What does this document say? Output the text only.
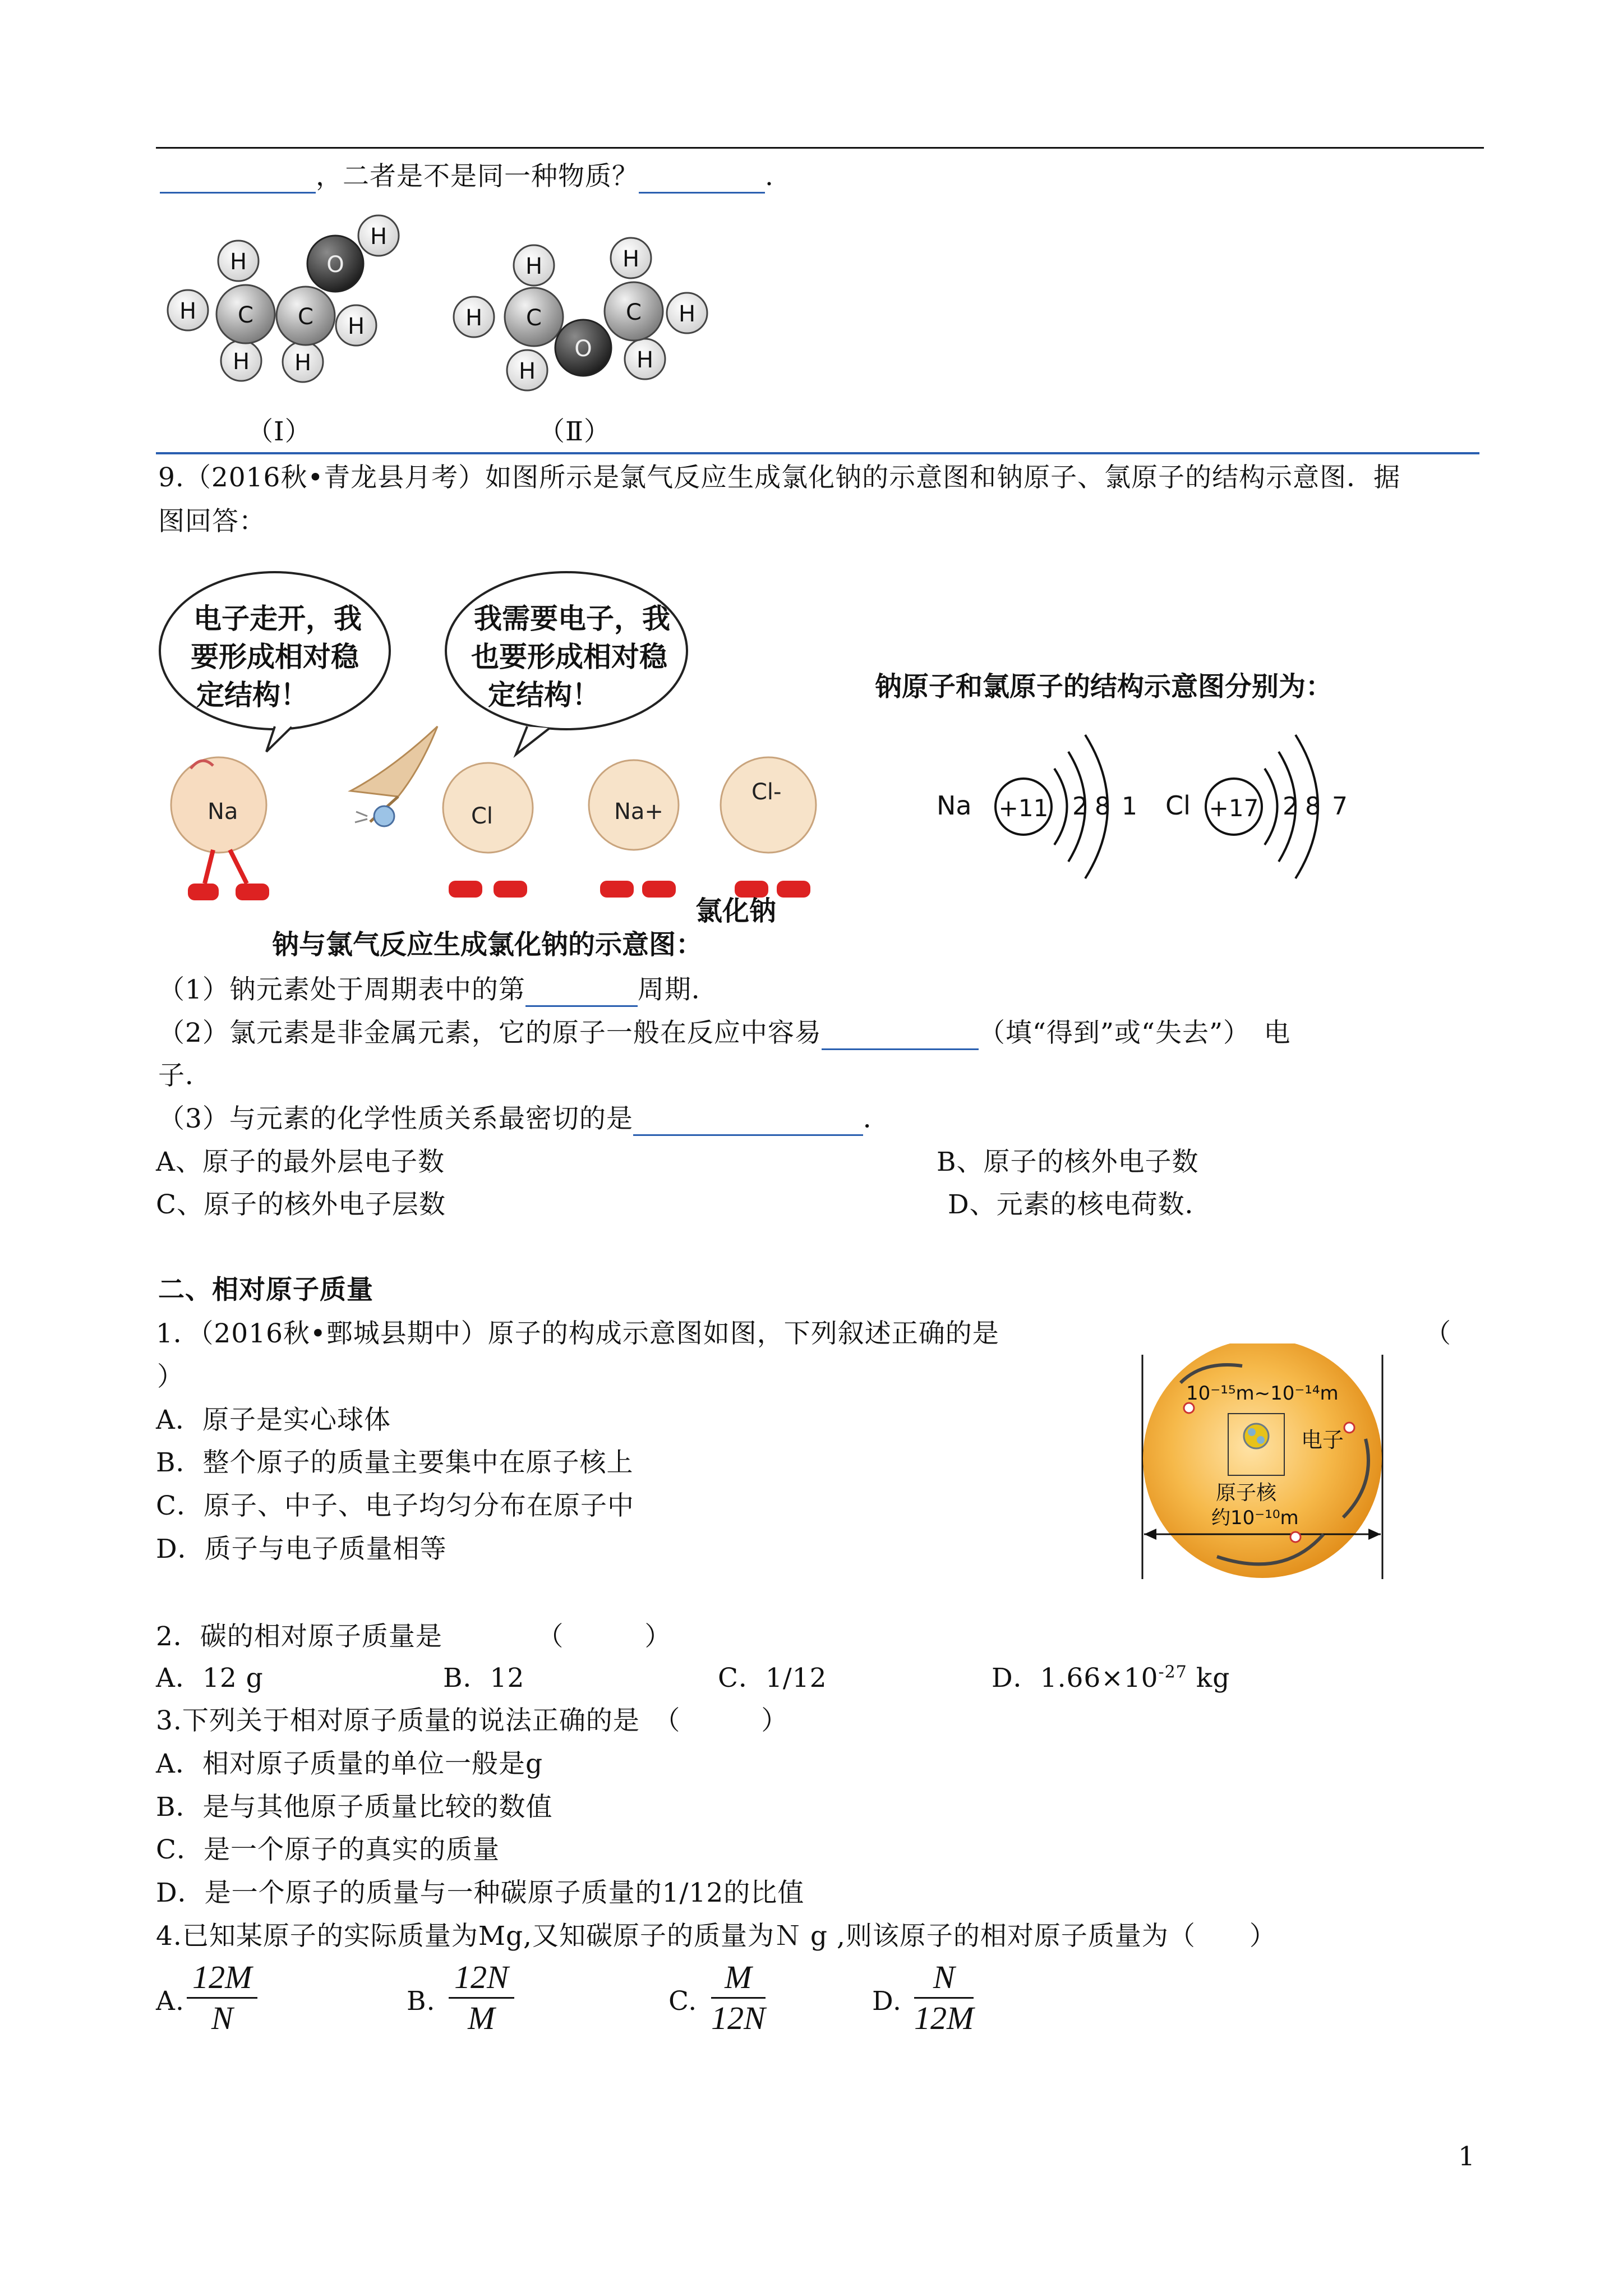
，二者是不是同一种物质？	.
H
H
H H
H
H
C C
O	H
H
H
H
H
H
C	C
O
（Ⅰ）	（Ⅱ）
9.（2016秋•青龙县月考）如图所示是氯气反应生成氯化钠的示意图和钠原子、氯原子的结构示意图．据
图回答：
电子走开，我
要形成相对稳
定结构！
我需要电子，我
也要形成相对稳
定结构！
Na	Cl	Na+
Cl-
氯化钠
钠与氯气反应生成氯化钠的示意图：
钠原子和氯原子的结构示意图分别为：
Na +11 2 8 1 Cl +17 2 8 7
（1）钠元素处于周期表中的第	周期．
（2）氯元素是非金属元素，它的原子一般在反应中容易	（填“得到”或“失去”）　电
子．
（3）与元素的化学性质关系最密切的是	．
A、原子的最外层电子数	B、原子的核外电子数
C、原子的核外电子层数	D、元素的核电荷数．
二、相对原子质量
1．（2016秋•鄄城县期中）原子的构成示意图如图，下列叙述正确的是	（
）
A．原子是实心球体
B．整个原子的质量主要集中在原子核上
C．原子、中子、电子均匀分布在原子中
D．质子与电子质量相等
10⁻¹⁵m~10⁻¹⁴m
电子
原子核
约10⁻¹⁰m
2．碳的相对原子质量是　　　　（　　　）
A．12 g	B．12	C．1/12	D．$1.66\times 10^{-27}$ kg
3.下列关于相对原子质量的说法正确的是　（　　　）
A．相对原子质量的单位一般是g
B．是与其他原子质量比较的数值
C．是一个原子的真实的质量
D．是一个原子的质量与一种碳原子质量的1/12的比值
4.已知某原子的实际质量为Mg,又知碳原子的质量为Ｎ g ,则该原子的相对原子质量为（　　）
A. $\frac{12M}{N}$	B. $\frac{12N}{M}$	C. $\frac{M}{12N}$	D. $\frac{N}{12M}$
1
